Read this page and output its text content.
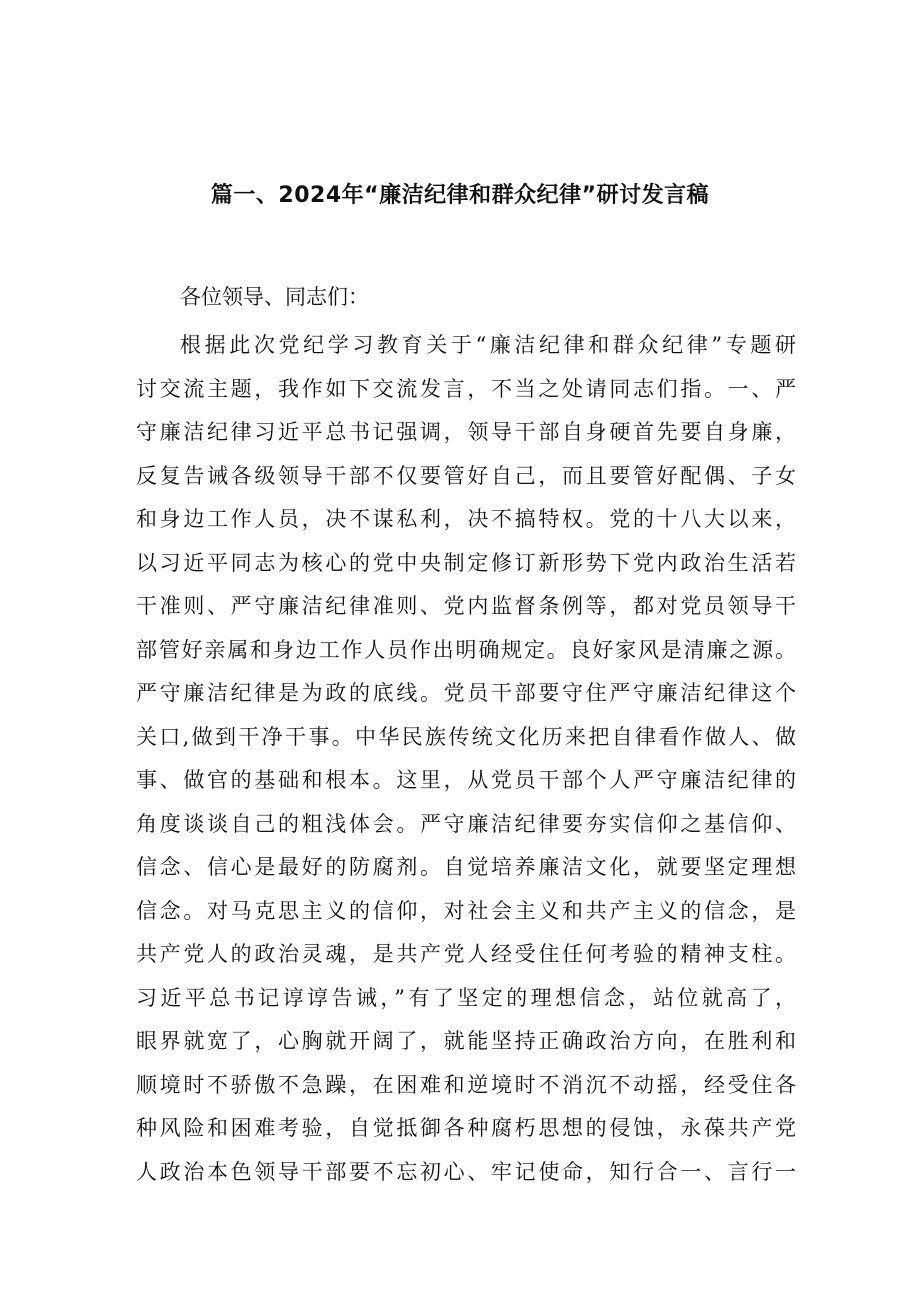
篇一、2024年“廉洁纪律和群众纪律”研讨发言稿
各位领导、同志们：
根据此次党纪学习教育关于“廉洁纪律和群众纪律”专题研
讨交流主题，我作如下交流发言，不当之处请同志们指。一、严
守廉洁纪律习近平总书记强调，领导干部自身硬首先要自身廉，
反复告诫各级领导干部不仅要管好自己，而且要管好配偶、子女
和身边工作人员，决不谋私利，决不搞特权。党的十八大以来，
以习近平同志为核心的党中央制定修订新形势下党内政治生活若
干准则、严守廉洁纪律准则、党内监督条例等，都对党员领导干
部管好亲属和身边工作人员作出明确规定。良好家风是清廉之源。
严守廉洁纪律是为政的底线。党员干部要守住严守廉洁纪律这个
关口,做到干净干事。中华民族传统文化历来把自律看作做人、做
事、做官的基础和根本。这里，从党员干部个人严守廉洁纪律的
角度谈谈自己的粗浅体会。严守廉洁纪律要夯实信仰之基信仰、
信念、信心是最好的防腐剂。自觉培养廉洁文化，就要坚定理想
信念。对马克思主义的信仰，对社会主义和共产主义的信念，是
共产党人的政治灵魂，是共产党人经受住任何考验的精神支柱。
习近平总书记谆谆告诫，”有了坚定的理想信念，站位就高了，
眼界就宽了，心胸就开阔了，就能坚持正确政治方向，在胜利和
顺境时不骄傲不急躁，在困难和逆境时不消沉不动摇，经受住各
种风险和困难考验，自觉抵御各种腐朽思想的侵蚀，永葆共产党
人政治本色领导干部要不忘初心、牢记使命，知行合一、言行一
